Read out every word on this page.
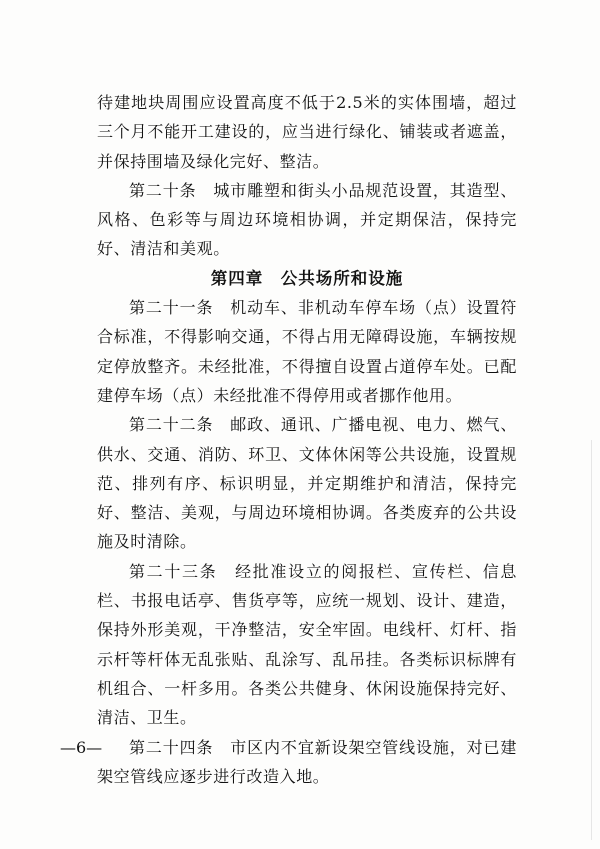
待建地块周围应设置高度不低于2.5米的实体围墙，超过三个月不能开工建设的，应当进行绿化、铺装或者遮盖，并保持围墙及绿化完好、整洁。

第二十条　城市雕塑和街头小品规范设置，其造型、风格、色彩等与周边环境相协调，并定期保洁，保持完好、清洁和美观。

第四章　公共场所和设施

第二十一条　机动车、非机动车停车场（点）设置符合标准，不得影响交通，不得占用无障碍设施，车辆按规定停放整齐。未经批准，不得擅自设置占道停车处。已配建停车场（点）未经批准不得停用或者挪作他用。

第二十二条　邮政、通讯、广播电视、电力、燃气、供水、交通、消防、环卫、文体休闲等公共设施，设置规范、排列有序、标识明显，并定期维护和清洁，保持完好、整洁、美观，与周边环境相协调。各类废弃的公共设施及时清除。

第二十三条　经批准设立的阅报栏、宣传栏、信息栏、书报电话亭、售货亭等，应统一规划、设计、建造，保持外形美观，干净整洁，安全牢固。电线杆、灯杆、指示杆等杆体无乱张贴、乱涂写、乱吊挂。各类标识标牌有机组合、一杆多用。各类公共健身、休闲设施保持完好、清洁、卫生。

第二十四条　市区内不宜新设架空管线设施，对已建架空管线应逐步进行改造入地。

—6—
